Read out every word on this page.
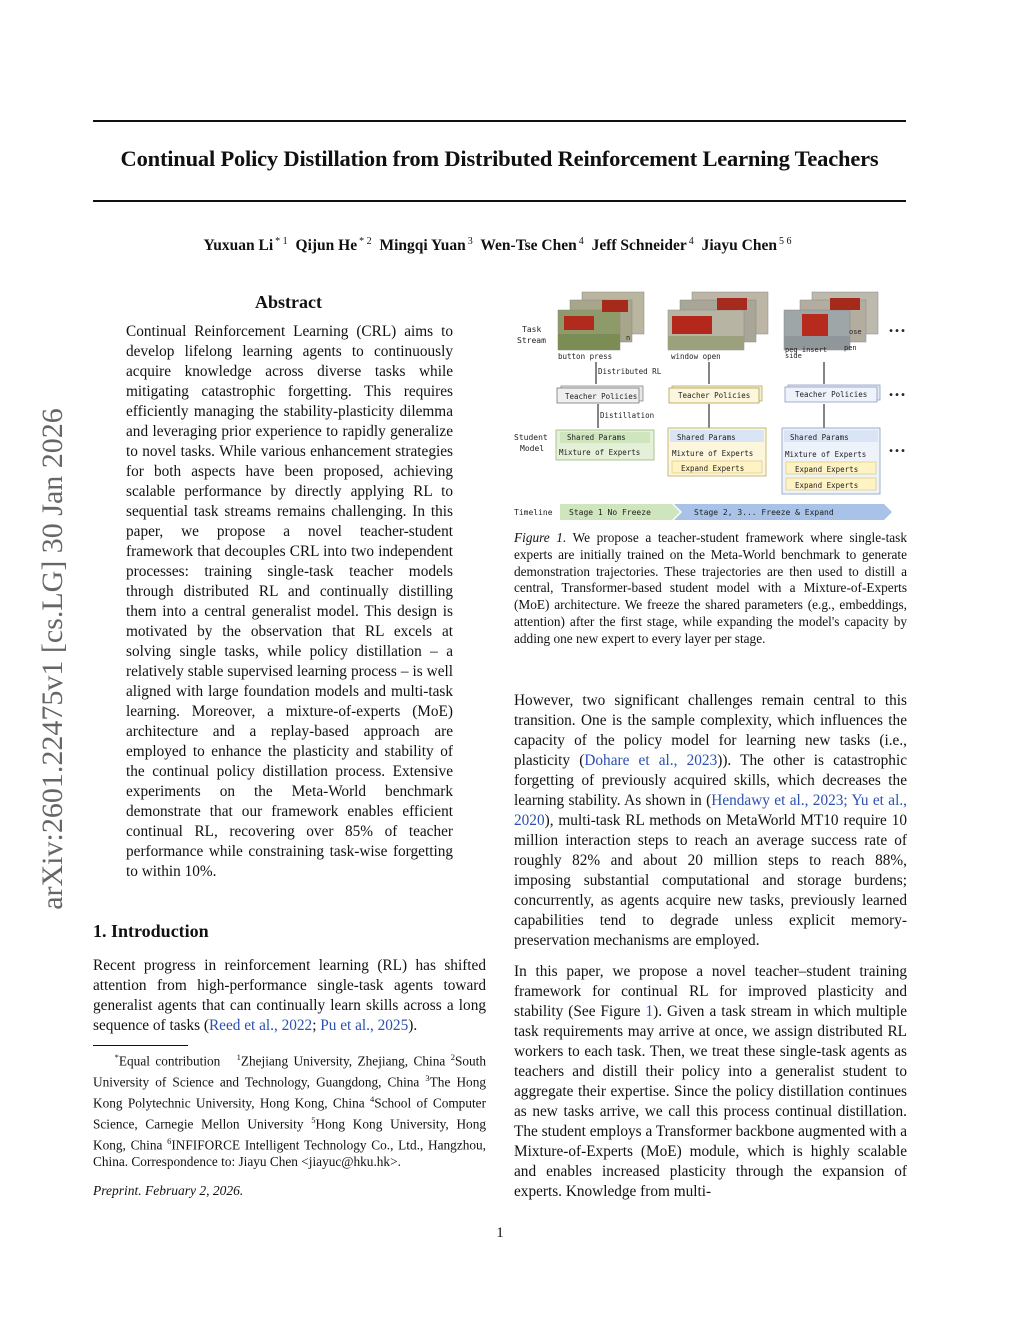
Continual Policy Distillation from Distributed Reinforcement Learning Teachers
Yuxuan Li $^{* 1}$ Qijun He $^{* 2}$ Mingqi Yuan $^3$ Wen-Tse Chen $^4$ Jeff Schneider $^4$ Jiayu Chen $^{5 6}$
arXiv:2601.22475v1 [cs.LG] 30 Jan 2026
Abstract
Continual Reinforcement Learning (CRL) aims to develop lifelong learning agents to continuously acquire knowledge across diverse tasks while mitigating catastrophic forgetting. This requires efficiently managing the stability-plasticity dilemma and leveraging prior experience to rapidly generalize to novel tasks. While various enhancement strategies for both aspects have been proposed, achieving scalable performance by directly applying RL to sequential task streams remains challenging. In this paper, we propose a novel teacher-student framework that decouples CRL into two independent processes: training single-task teacher models through distributed RL and continually distilling them into a central generalist model. This design is motivated by the observation that RL excels at solving single tasks, while policy distillation – a relatively stable supervised learning process – is well aligned with large foundation models and multi-task learning. Moreover, a mixture-of-experts (MoE) architecture and a replay-based approach are employed to enhance the plasticity and stability of the continual policy distillation process. Extensive experiments on the Meta-World benchmark demonstrate that our framework enables efficient continual RL, recovering over 85% of teacher performance while constraining task-wise forgetting to within 10%.
1. Introduction
Recent progress in reinforcement learning (RL) has shifted attention from high-performance single-task agents toward generalist agents that can continually learn skills across a long sequence of tasks (Reed et al., 2022; Pu et al., 2025).
*Equal contribution $^1$Zhejiang University, Zhejiang, China $^2$South University of Science and Technology, Guangdong, China $^3$The Hong Kong Polytechnic University, Hong Kong, China $^4$School of Computer Science, Carnegie Mellon University $^5$Hong Kong University, Hong Kong, China $^6$INFIFORCE Intelligent Technology Co., Ltd., Hangzhou, China. Correspondence to: Jiayu Chen <jiayuc@hku.hk>.
Preprint. February 2, 2026.
n
ose
pen
Task
Stream
button press	window open
peg insert
side
•••
Distributed RL
Teacher Policies	Teacher Policies	Teacher Policies •••
Distillation
Student
Model
Shared Params
Mixture of Experts
Shared Params
Mixture of Experts
Expand Experts
Shared Params
Mixture of Experts
Expand Experts
Expand Experts
•••
Timeline Stage 1 No Freeze	Stage 2, 3... Freeze & Expand
Figure 1. We propose a teacher-student framework where single-task experts are initially trained on the Meta-World benchmark to generate demonstration trajectories. These trajectories are then used to distill a central, Transformer-based student model with a Mixture-of-Experts (MoE) architecture. We freeze the shared parameters (e.g., embeddings, attention) after the first stage, while expanding the model's capacity by adding one new expert to every layer per stage.
However, two significant challenges remain central to this transition. One is the sample complexity, which influences the capacity of the policy model for learning new tasks (i.e., plasticity (Dohare et al., 2023)). The other is catastrophic forgetting of previously acquired skills, which decreases the learning stability. As shown in (Hendawy et al., 2023; Yu et al., 2020), multi-task RL methods on MetaWorld MT10 require 10 million interaction steps to reach an average success rate of roughly 82% and about 20 million steps to reach 88%, imposing substantial computational and storage burdens; concurrently, as agents acquire new tasks, previously learned capabilities tend to degrade unless explicit memory-preservation mechanisms are employed.
In this paper, we propose a novel teacher–student training framework for continual RL for improved plasticity and stability (See Figure 1). Given a task stream in which multiple task requirements may arrive at once, we assign distributed RL workers to each task. Then, we treat these single-task agents as teachers and distill their policy into a generalist student to aggregate their expertise. Since the policy distillation continues as new tasks arrive, we call this process continual distillation. The student employs a Transformer backbone augmented with a Mixture-of-Experts (MoE) module, which is highly scalable and enables increased plasticity through the expansion of experts. Knowledge from multi-
1
